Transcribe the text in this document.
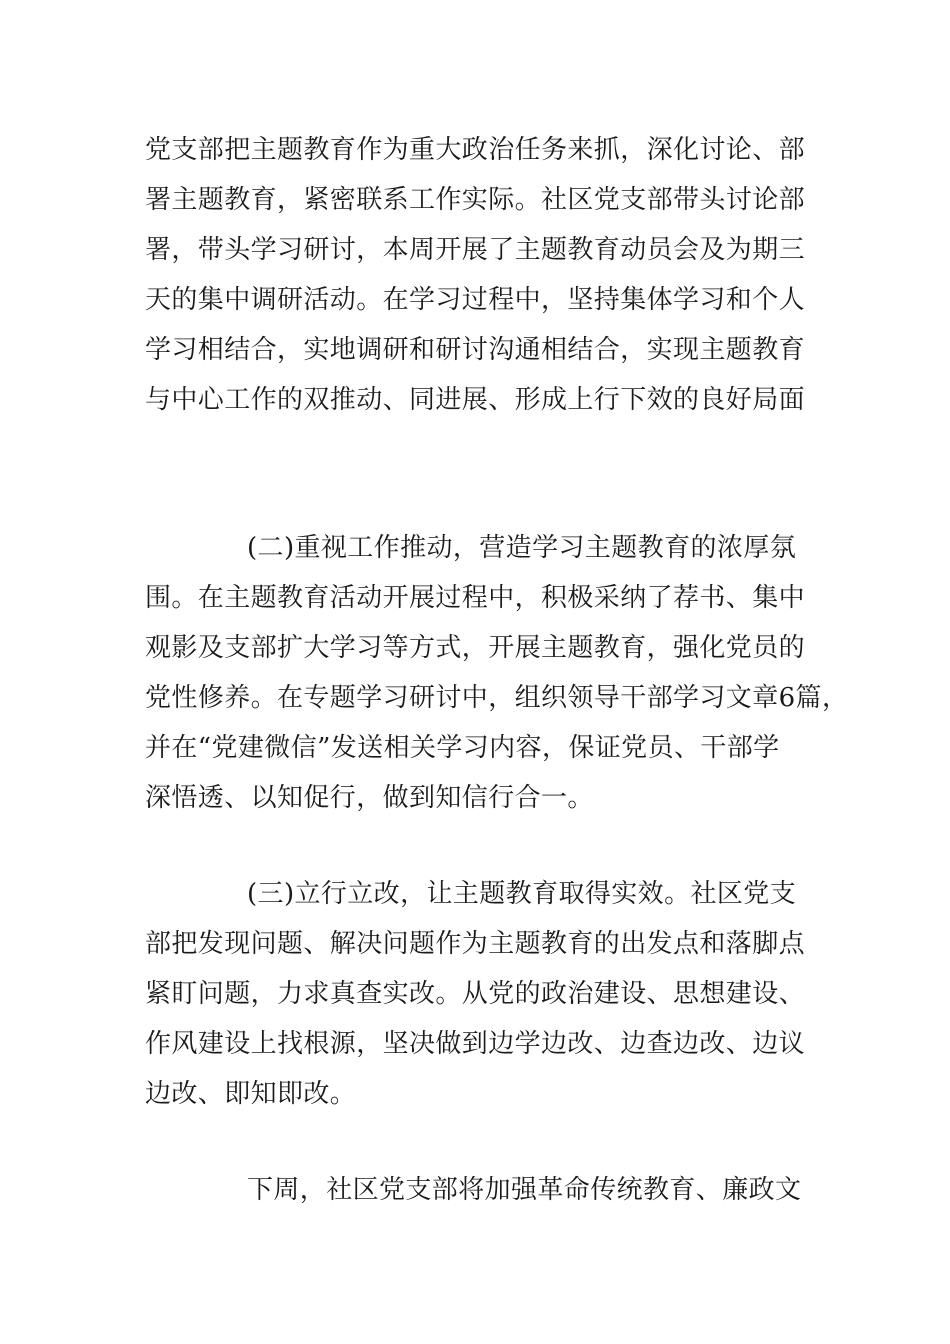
党支部把主题教育作为重大政治任务来抓，深化讨论、部
署主题教育，紧密联系工作实际。社区党支部带头讨论部
署，带头学习研讨，本周开展了主题教育动员会及为期三
天的集中调研活动。在学习过程中，坚持集体学习和个人
学习相结合，实地调研和研讨沟通相结合，实现主题教育
与中心工作的双推动、同进展、形成上行下效的良好局面
(二)重视工作推动，营造学习主题教育的浓厚氛
围。在主题教育活动开展过程中，积极采纳了荐书、集中
观影及支部扩大学习等方式，开展主题教育，强化党员的
党性修养。在专题学习研讨中，组织领导干部学习文章6篇，
并在“党建微信”发送相关学习内容，保证党员、干部学
深悟透、以知促行，做到知信行合一。
(三)立行立改，让主题教育取得实效。社区党支
部把发现问题、解决问题作为主题教育的出发点和落脚点
紧盯问题，力求真查实改。从党的政治建设、思想建设、
作风建设上找根源，坚决做到边学边改、边查边改、边议
边改、即知即改。
下周，社区党支部将加强革命传统教育、廉政文
